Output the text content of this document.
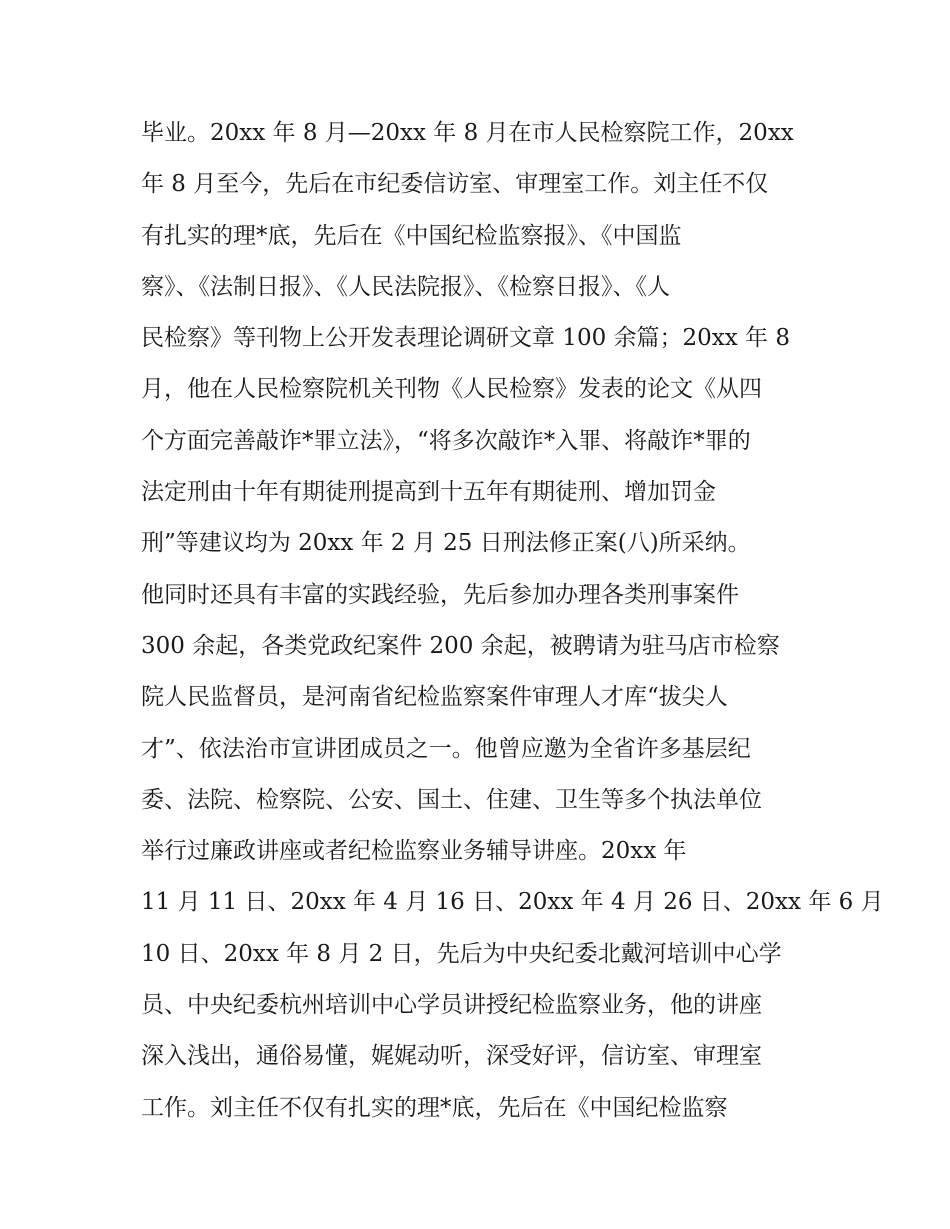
毕业。20xx 年 8 月—20xx 年 8 月在市人民检察院工作，20xx
年 8 月至今，先后在市纪委信访室、审理室工作。刘主任不仅
有扎实的理*底，先后在《中国纪检监察报》、《中国监
察》、《法制日报》、《人民法院报》、《检察日报》、《人
民检察》等刊物上公开发表理论调研文章 100 余篇；20xx 年 8
月，他在人民检察院机关刊物《人民检察》发表的论文《从四
个方面完善敲诈*罪立法》，“将多次敲诈*入罪、将敲诈*罪的
法定刑由十年有期徒刑提高到十五年有期徒刑、增加罚金
刑”等建议均为 20xx 年 2 月 25 日刑法修正案(八)所采纳。
他同时还具有丰富的实践经验，先后参加办理各类刑事案件
300 余起，各类党政纪案件 200 余起，被聘请为驻马店市检察
院人民监督员，是河南省纪检监察案件审理人才库“拔尖人
才”、依法治市宣讲团成员之一。他曾应邀为全省许多基层纪
委、法院、检察院、公安、国土、住建、卫生等多个执法单位
举行过廉政讲座或者纪检监察业务辅导讲座。20xx 年
11 月 11 日、20xx 年 4 月 16 日、20xx 年 4 月 26 日、20xx 年 6 月
10 日、20xx 年 8 月 2 日，先后为中央纪委北戴河培训中心学
员、中央纪委杭州培训中心学员讲授纪检监察业务，他的讲座
深入浅出，通俗易懂，娓娓动听，深受好评，信访室、审理室
工作。刘主任不仅有扎实的理*底，先后在《中国纪检监察
